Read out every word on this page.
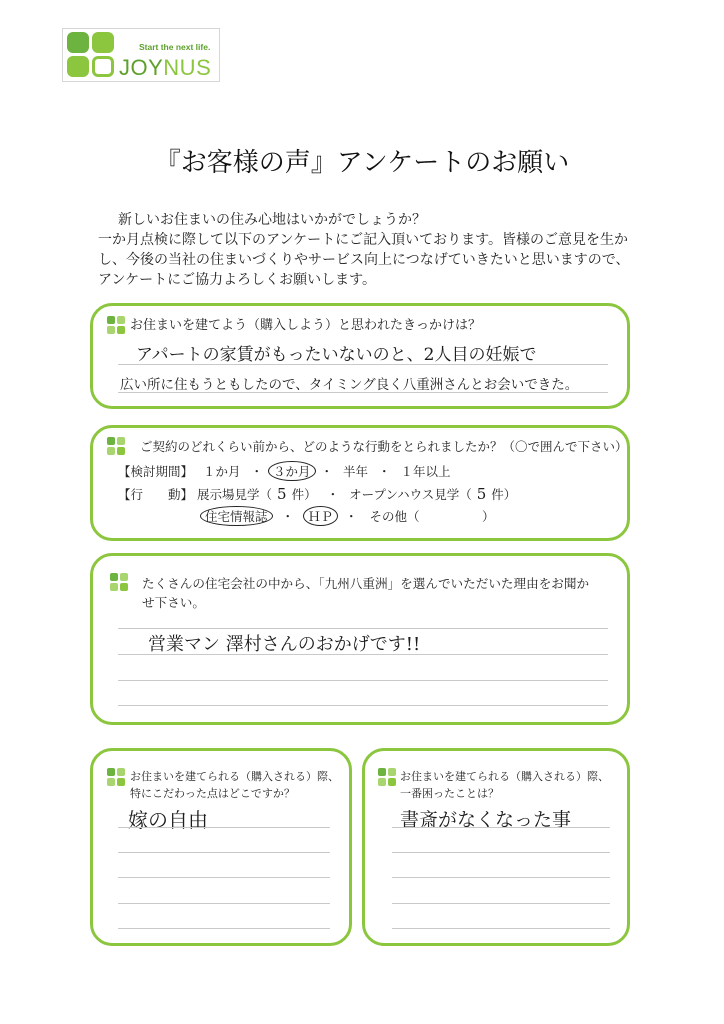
Start the next life.
JOYNUS
『お客様の声』アンケートのお願い
新しいお住まいの住み心地はいかがでしょうか？
一か月点検に際して以下のアンケートにご記入頂いております。皆様のご意見を生か
し、今後の当社の住まいづくりやサービス向上につなげていきたいと思いますので、
アンケートにご協力よろしくお願いします。
お住まいを建てよう（購入しよう）と思われたきっかけは？
アパートの家賃がもったいないのと、2人目の妊娠で
広い所に住もうともしたので、タイミング良く八重洲さんとお会いできた。
ご契約のどれくらい前から、どのような行動をとられましたか？（〇で囲んで下さい）
【検討期間】 １か月 ・ ３か月 ・ 半年 ・ １年以上
【行　　動】 展示場見学（ 5 件） ・ オープンハウス見学（ 5 件）
住宅情報誌 ・ ＨＰ ・ その他（　　　　　）
たくさんの住宅会社の中から、「九州八重洲」を選んでいただいた理由をお聞か
せ下さい。
営業マン 澤村さんのおかげです!!
お住まいを建てられる（購入される）際、
特にこだわった点はどこですか？
嫁の自由
お住まいを建てられる（購入される）際、
一番困ったことは？
書斎がなくなった事
